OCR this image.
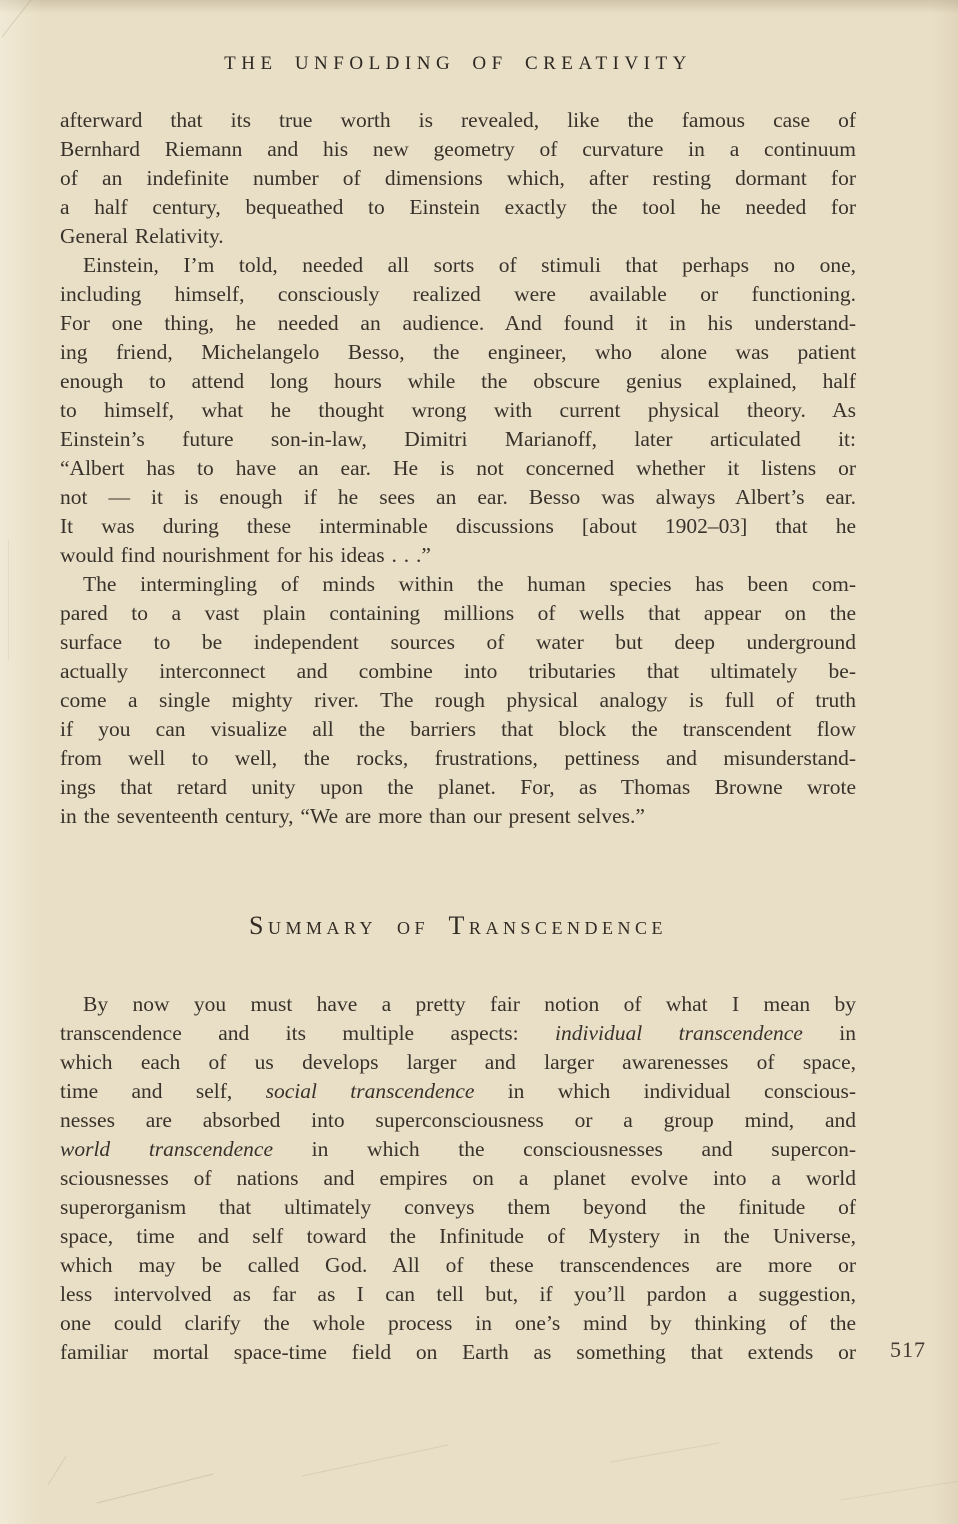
THE UNFOLDING OF CREATIVITY
afterward that its true worth is revealed, like the famous case of
Bernhard Riemann and his new geometry of curvature in a continuum
of an indefinite number of dimensions which, after resting dormant for
a half century, bequeathed to Einstein exactly the tool he needed for
General Relativity.
Einstein, I’m told, needed all sorts of stimuli that perhaps no one,
including himself, consciously realized were available or functioning.
For one thing, he needed an audience. And found it in his understand-
ing friend, Michelangelo Besso, the engineer, who alone was patient
enough to attend long hours while the obscure genius explained, half
to himself, what he thought wrong with current physical theory. As
Einstein’s future son-in-law, Dimitri Marianoff, later articulated it:
“Albert has to have an ear. He is not concerned whether it listens or
not — it is enough if he sees an ear. Besso was always Albert’s ear.
It was during these interminable discussions [about 1902–03] that he
would find nourishment for his ideas . . .”
The intermingling of minds within the human species has been com-
pared to a vast plain containing millions of wells that appear on the
surface to be independent sources of water but deep underground
actually interconnect and combine into tributaries that ultimately be-
come a single mighty river. The rough physical analogy is full of truth
if you can visualize all the barriers that block the transcendent flow
from well to well, the rocks, frustrations, pettiness and misunderstand-
ings that retard unity upon the planet. For, as Thomas Browne wrote
in the seventeenth century, “We are more than our present selves.”
Summary of Transcendence
By now you must have a pretty fair notion of what I mean by
transcendence and its multiple aspects: individual transcendence in
which each of us develops larger and larger awarenesses of space,
time and self, social transcendence in which individual conscious-
nesses are absorbed into superconsciousness or a group mind, and
world transcendence in which the consciousnesses and supercon-
sciousnesses of nations and empires on a planet evolve into a world
superorganism that ultimately conveys them beyond the finitude of
space, time and self toward the Infinitude of Mystery in the Universe,
which may be called God. All of these transcendences are more or
less intervolved as far as I can tell but, if you’ll pardon a suggestion,
one could clarify the whole process in one’s mind by thinking of the
familiar mortal space-time field on Earth as something that extends or 517
